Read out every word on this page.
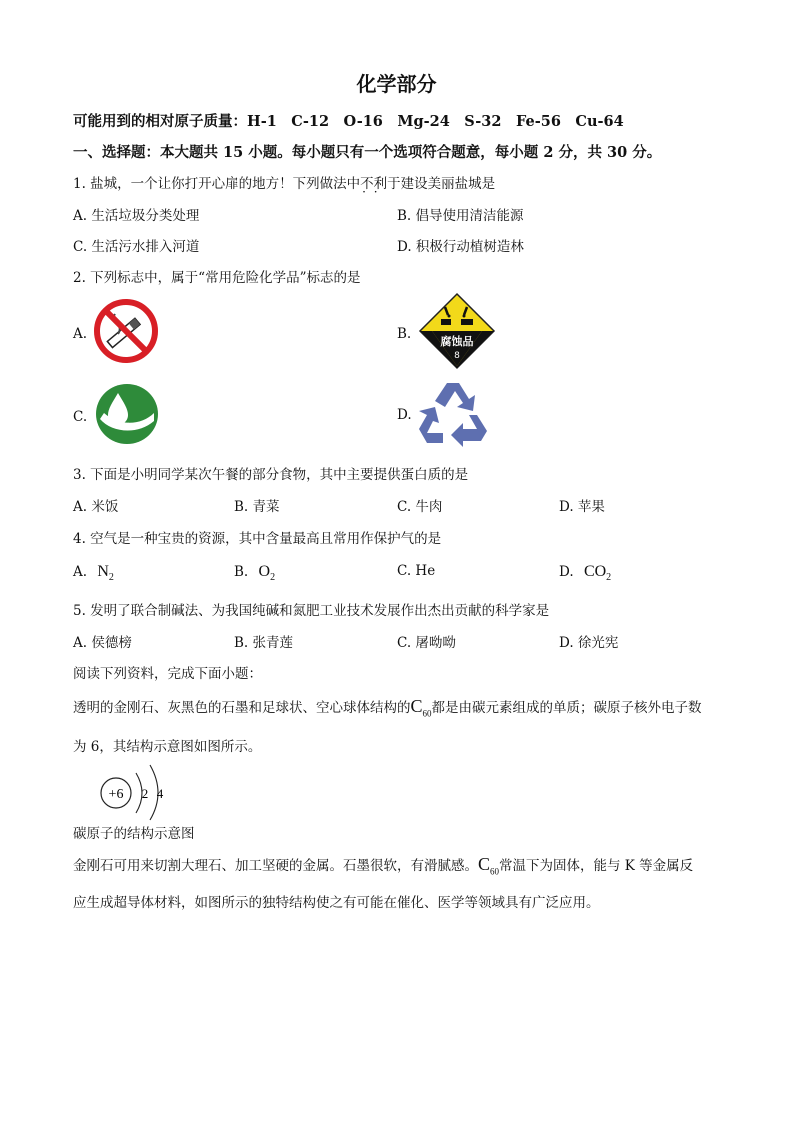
化学部分
可能用到的相对原子质量：H-1　C-12　O-16　Mg-24　S-32　Fe-56　Cu-64
一、选择题：本大题共 15 小题。每小题只有一个选项符合题意，每小题 2 分，共 30 分。
1. 盐城，一个让你打开心扉的地方！下列做法中不利于 · ·建设美丽盐城是
A. 生活垃圾分类处理	B. 倡导使用清洁能源
C. 生活污水排入河道	D. 积极行动植树造林
2. 下列标志中，属于“常用危险化学品”标志的是
A.	B.	腐蚀品
8
C.	D.
3. 下面是小明同学某次午餐的部分食物，其中主要提供蛋白质的是
A. 米饭	B. 青菜	C. 牛肉	D. 苹果
4. 空气是一种宝贵的资源，其中含量最高且常用作保护气的是
A. $N_2$	B. $O_2$	C. He	D. $CO_2$
5. 发明了联合制碱法、为我国纯碱和氮肥工业技术发展作出杰出贡献的科学家是
A. 侯德榜	B. 张青莲	C. 屠呦呦	D. 徐光宪
阅读下列资料，完成下面小题：
透明的金刚石、灰黑色的石墨和足球状、空心球体结构的$C_{60}$都是由碳元素组成的单质；碳原子核外电子数
为 6，其结构示意图如图所示。
+6 2 4
碳原子的结构示意图
金刚石可用来切割大理石、加工坚硬的金属。石墨很软，有滑腻感。$C_{60}$常温下为固体，能与 K 等金属反
应生成超导体材料，如图所示的独特结构使之有可能在催化、医学等领域具有广泛应用。
